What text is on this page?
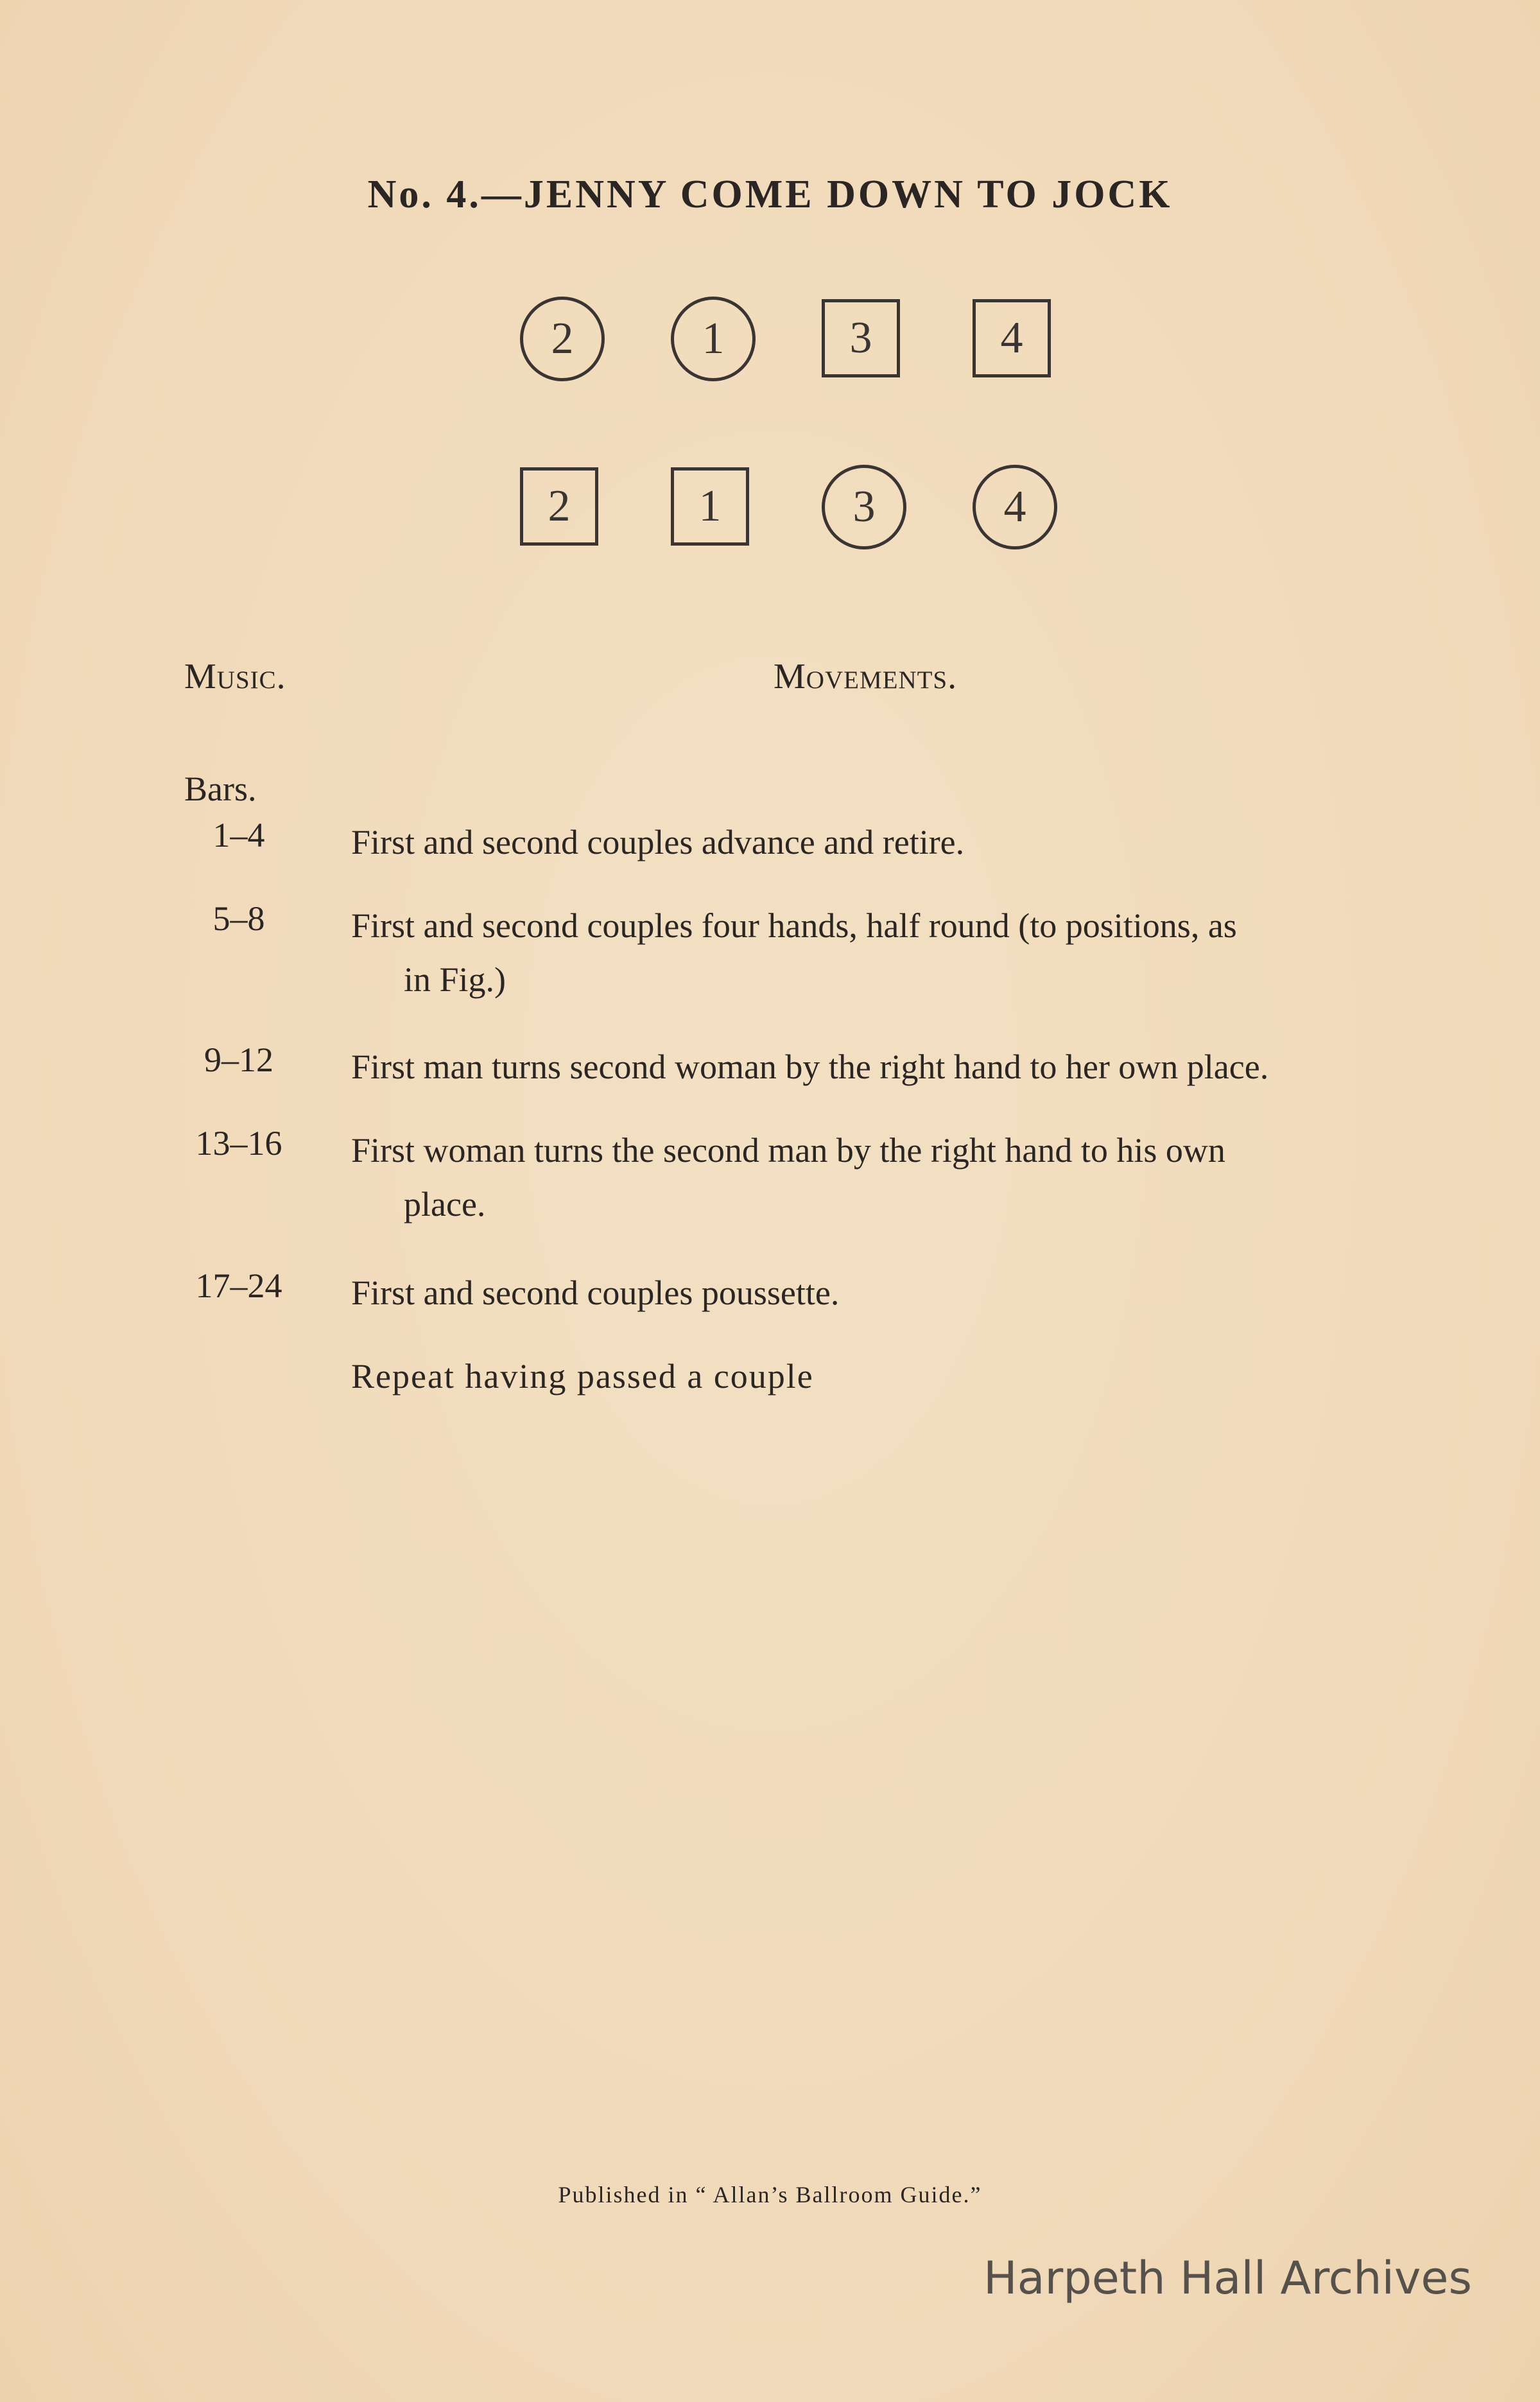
No. 4.—JENNY COME DOWN TO JOCK
2	1	3	4
2	1	3	4
Music.	Movements.
Bars.
1–4	First and second couples advance and retire.
5–8	First and second couples four hands, half round (to positions, as
in Fig.)
9–12	First man turns second woman by the right hand to her own place.
13–16	First woman turns the second man by the right hand to his own
place.
17–24	First and second couples poussette.
Repeat having passed a couple
Published in “ Allan’s Ballroom Guide.”
Harpeth Hall Archives
